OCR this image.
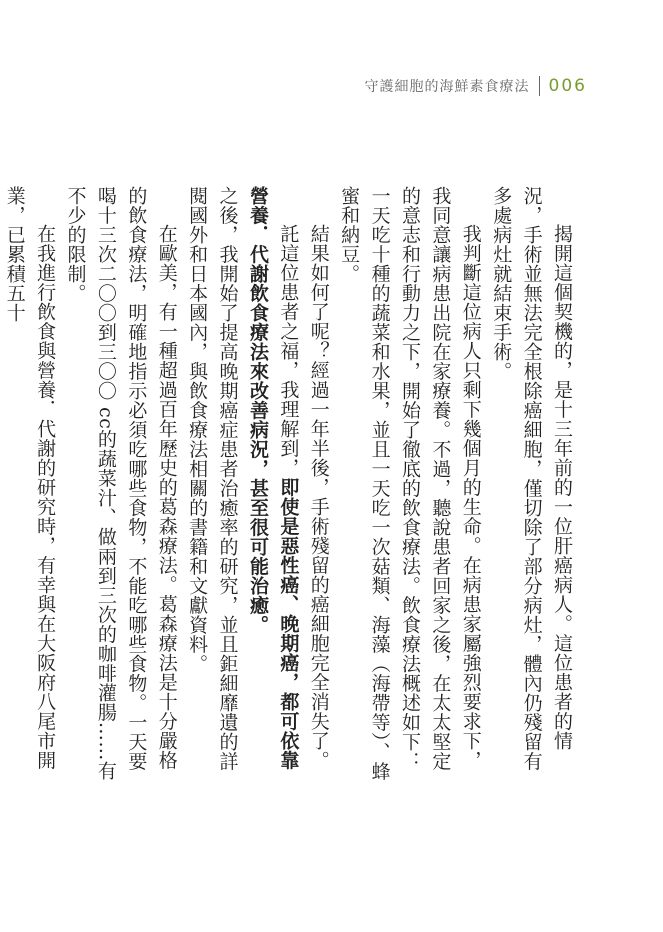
守護細胞的海鮮素食療法 006

揭開這個契機的，是十三年前的一位肝癌病人。這位患者的情況，手術並無法完全根除癌細胞，僅切除了部分病灶，體內仍殘留有多處病灶就結束手術。

我判斷這位病人只剩下幾個月的生命。在病患家屬強烈要求下，我同意讓病患出院在家療養。不過，聽說患者回家之後，在太太堅定的意志和行動力之下，開始了徹底的飲食療法。飲食療法概述如下：一天吃十種的蔬菜和水果，並且一天吃一次菇類、海藻（海帶等）、蜂蜜和納豆。

結果如何了呢？經過一年半後，手術殘留的癌細胞完全消失了。

託這位患者之福，我理解到，即使是惡性癌、晚期癌，都可依靠營養．代謝飲食療法來改善病況，甚至很可能治癒。

之後，我開始了提高晚期癌症患者治癒率的研究，並且鉅細靡遺的詳閱國外和日本國內，與飲食療法相關的書籍和文獻資料。

在歐美，有一種超過百年歷史的葛森療法。葛森療法是十分嚴格的飲食療法，明確地指示必須吃哪些食物，不能吃哪些食物。一天要喝十三次二〇〇到三〇〇 cc的蔬菜汁、做兩到三次的咖啡灌腸……有不少的限制。

在我進行飲食與營養．代謝的研究時，有幸與在大阪府八尾市開業，已累積五十
